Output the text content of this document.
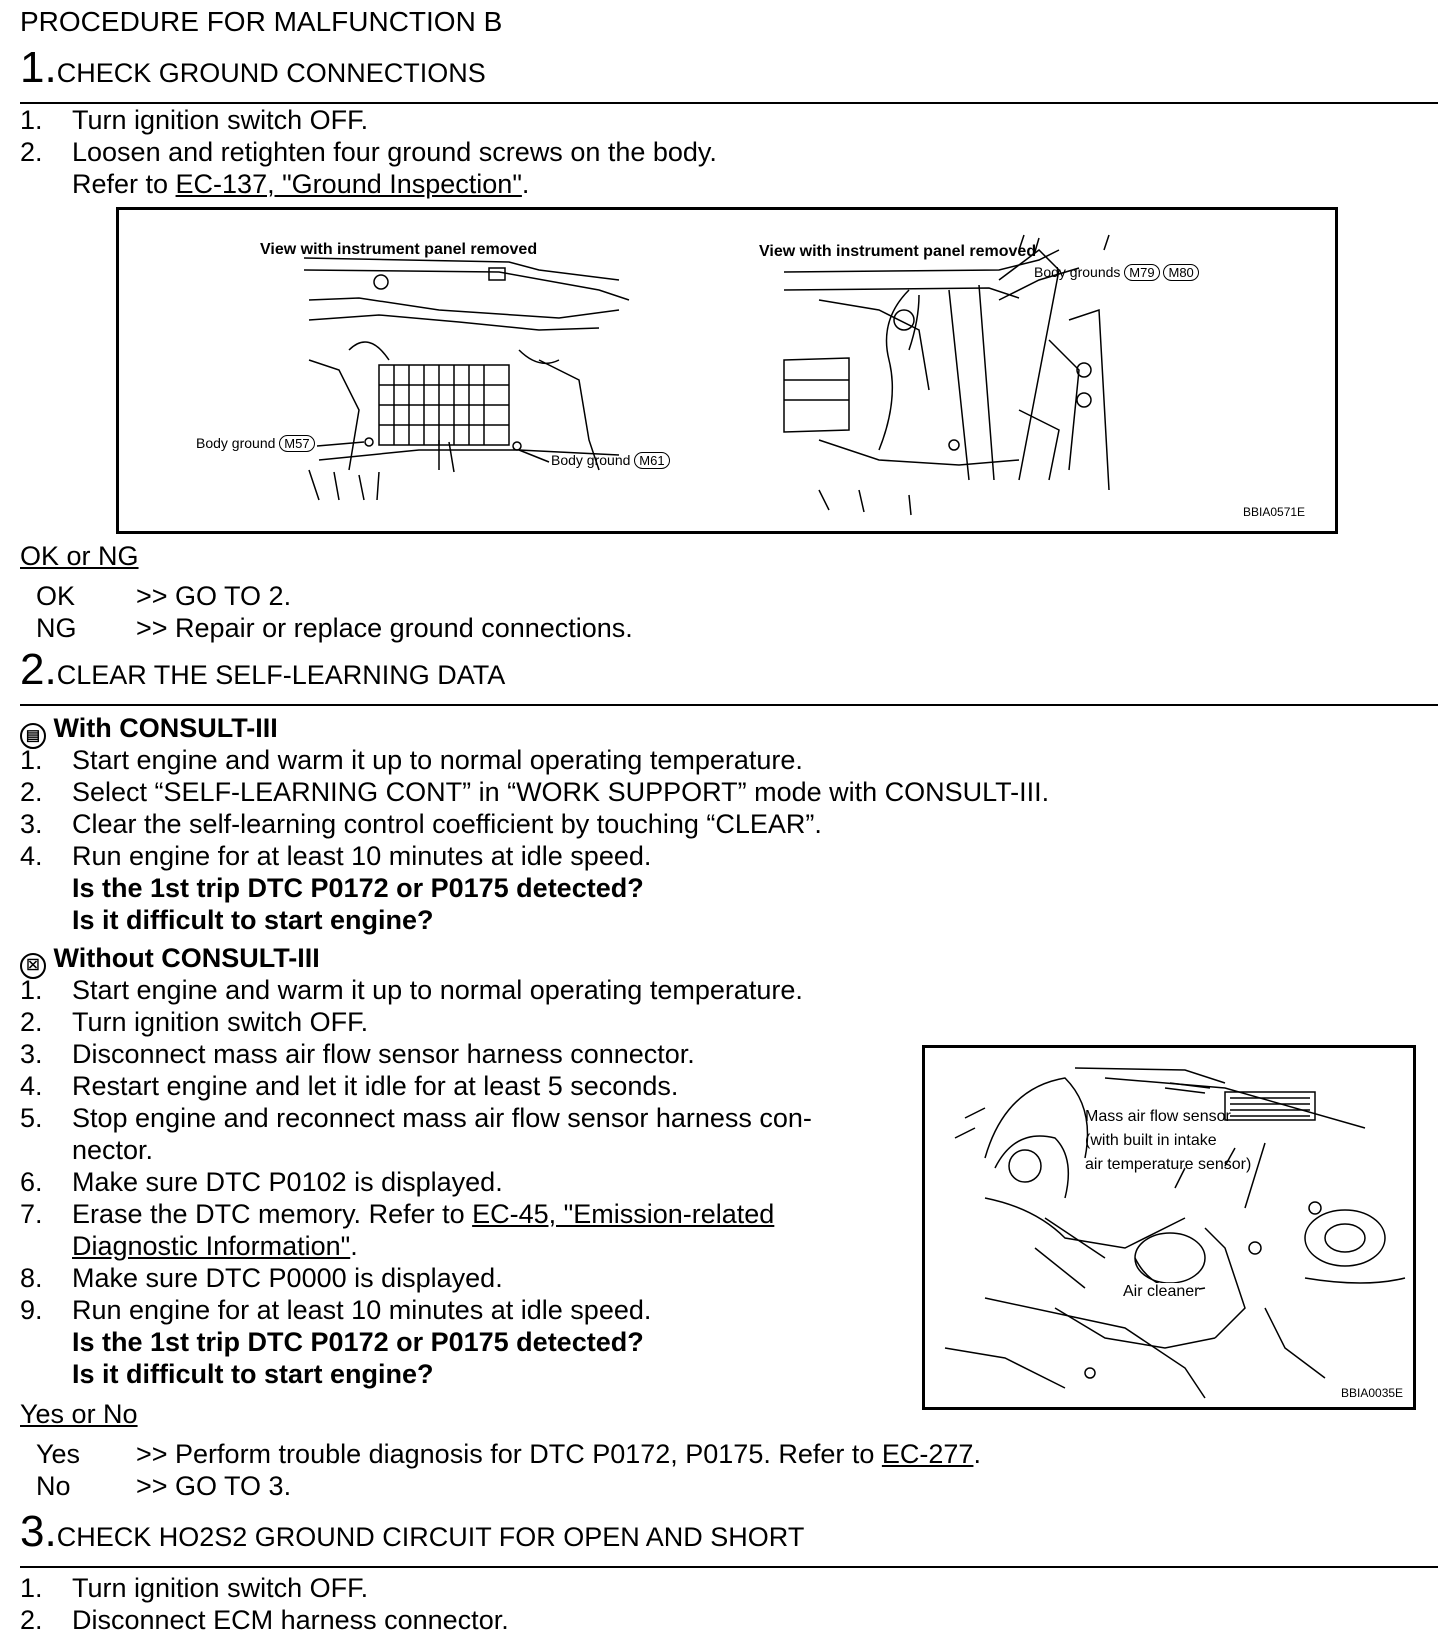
PROCEDURE FOR MALFUNCTION B
1.CHECK GROUND CONNECTIONS
1. Turn ignition switch OFF.
2. Loosen and retighten four ground screws on the body.
Refer to EC-137, "Ground Inspection".
View with instrument panel removed	View with instrument panel removed
Body ground M57
Body ground M61
Body grounds M79 M80
BBIA0571E
OK or NG
OK >> GO TO 2.
NG >> Repair or replace ground connections.
2.CLEAR THE SELF-LEARNING DATA
▤ With CONSULT-III
1. Start engine and warm it up to normal operating temperature.
2. Select “SELF-LEARNING CONT” in “WORK SUPPORT” mode with CONSULT-III.
3. Clear the self-learning control coefficient by touching “CLEAR”.
4. Run engine for at least 10 minutes at idle speed.
Is the 1st trip DTC P0172 or P0175 detected?
Is it difficult to start engine?
☒ Without CONSULT-III
1. Start engine and warm it up to normal operating temperature.
2. Turn ignition switch OFF.
3. Disconnect mass air flow sensor harness connector.
4. Restart engine and let it idle for at least 5 seconds.
5. Stop engine and reconnect mass air flow sensor harness con-
nector.
6. Make sure DTC P0102 is displayed.
7. Erase the DTC memory. Refer to EC-45, "Emission-related
Diagnostic Information".
8. Make sure DTC P0000 is displayed.
9. Run engine for at least 10 minutes at idle speed.
Is the 1st trip DTC P0172 or P0175 detected?
Is it difficult to start engine?
Mass air flow sensor
(with built in intake
air temperature sensor)
Air cleaner
BBIA0035E
Yes or No
Yes >> Perform trouble diagnosis for DTC P0172, P0175. Refer to EC-277.
No >> GO TO 3.
3.CHECK HO2S2 GROUND CIRCUIT FOR OPEN AND SHORT
1. Turn ignition switch OFF.
2. Disconnect ECM harness connector.
